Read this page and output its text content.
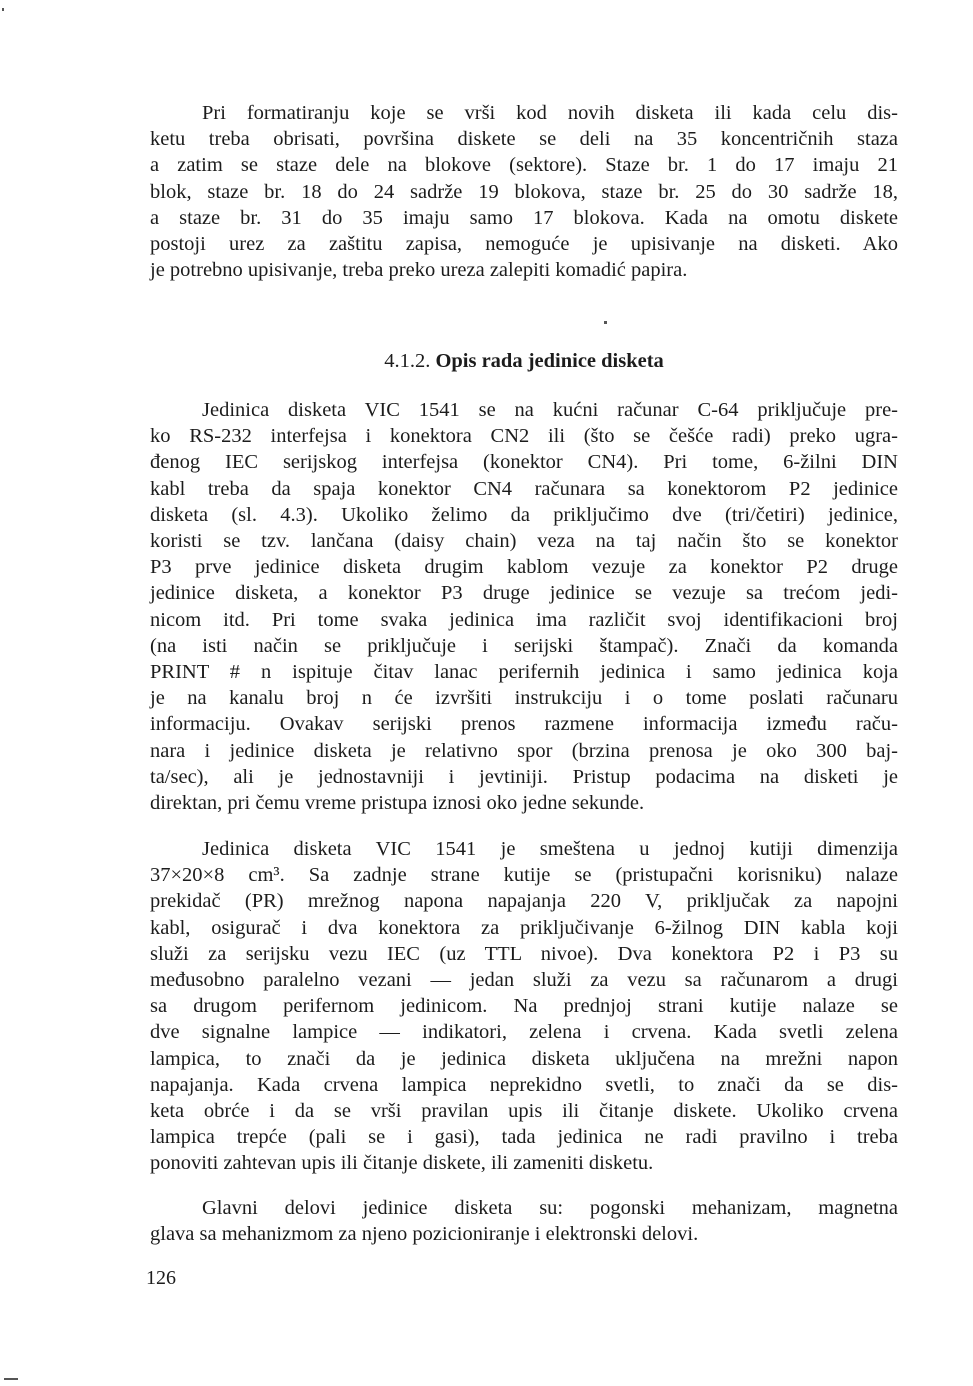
Pri formatiranju koje se vrši kod novih disketa ili kada celu dis-
ketu treba obrisati, površina diskete se deli na 35 koncentričnih staza
a zatim se staze dele na blokove (sektore). Staze br. 1 do 17 imaju 21
blok, staze br. 18 do 24 sadrže 19 blokova, staze br. 25 do 30 sadrže 18,
a staze br. 31 do 35 imaju samo 17 blokova. Kada na omotu diskete
postoji urez za zaštitu zapisa, nemoguće je upisivanje na disketi. Ako
je potrebno upisivanje, treba preko ureza zalepiti komadić papira.
4.1.2. Opis rada jedinice disketa
Jedinica disketa VIC 1541 se na kućni računar C-64 priključuje pre-
ko RS-232 interfejsa i konektora CN2 ili (što se češće radi) preko ugra-
đenog IEC serijskog interfejsa (konektor CN4). Pri tome, 6-žilni DIN
kabl treba da spaja konektor CN4 računara sa konektorom P2 jedinice
disketa (sl. 4.3). Ukoliko želimo da priključimo dve (tri/četiri) jedinice,
koristi se tzv. lančana (daisy chain) veza na taj način što se konektor
P3 prve jedinice disketa drugim kablom vezuje za konektor P2 druge
jedinice disketa, a konektor P3 druge jedinice se vezuje sa trećom jedi-
nicom itd. Pri tome svaka jedinica ima različit svoj identifikacioni broj
(na isti način se priključuje i serijski štampač). Znači da komanda
PRINT # n ispituje čitav lanac perifernih jedinica i samo jedinica koja
je na kanalu broj n će izvršiti instrukciju i o tome poslati računaru
informaciju. Ovakav serijski prenos razmene informacija između raču-
nara i jedinice disketa je relativno spor (brzina prenosa je oko 300 baj-
ta/sec), ali je jednostavniji i jevtiniji. Pristup podacima na disketi je
direktan, pri čemu vreme pristupa iznosi oko jedne sekunde.
Jedinica disketa VIC 1541 je smeštena u jednoj kutiji dimenzija
37×20×8 cm³. Sa zadnje strane kutije se (pristupačni korisniku) nalaze
prekidač (PR) mrežnog napona napajanja 220 V, priključak za napojni
kabl, osigurač i dva konektora za priključivanje 6-žilnog DIN kabla koji
služi za serijsku vezu IEC (uz TTL nivoe). Dva konektora P2 i P3 su
međusobno paralelno vezani — jedan služi za vezu sa računarom a drugi
sa drugom perifernom jedinicom. Na prednjoj strani kutije nalaze se
dve signalne lampice — indikatori, zelena i crvena. Kada svetli zelena
lampica, to znači da je jedinica disketa uključena na mrežni napon
napajanja. Kada crvena lampica neprekidno svetli, to znači da se dis-
keta obrće i da se vrši pravilan upis ili čitanje diskete. Ukoliko crvena
lampica trepće (pali se i gasi), tada jedinica ne radi pravilno i treba
ponoviti zahtevan upis ili čitanje diskete, ili zameniti disketu.
Glavni delovi jedinice disketa su: pogonski mehanizam, magnetna
glava sa mehanizmom za njeno pozicioniranje i elektronski delovi.
126
